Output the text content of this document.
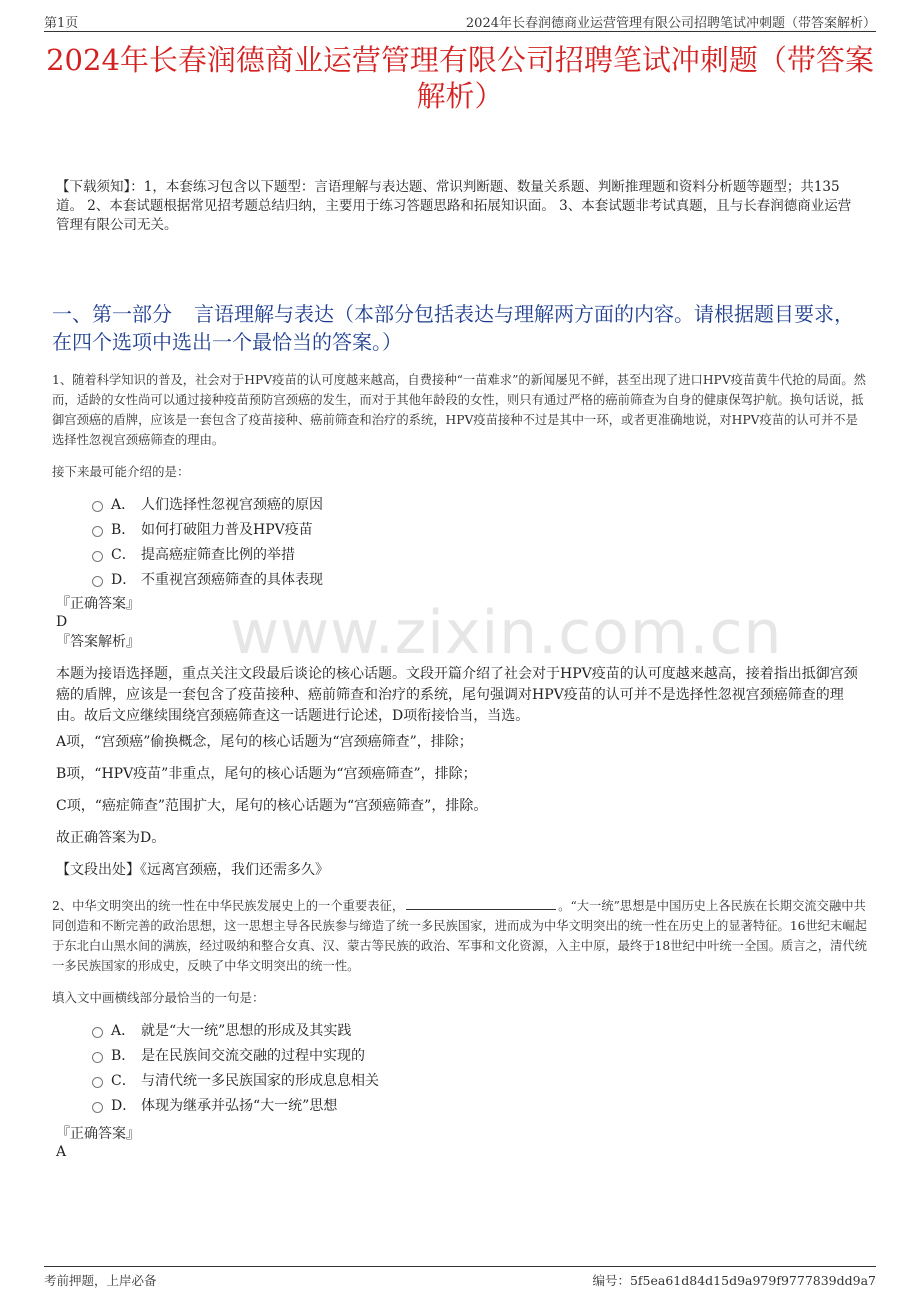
第1页	2024年长春润德商业运营管理有限公司招聘笔试冲刺题（带答案解析）
2024年长春润德商业运营管理有限公司招聘笔试冲刺题（带答案解析）
【下载须知】：1，本套练习包含以下题型：言语理解与表达题、常识判断题、数量关系题、判断推理题和资料分析题等题型；共135道。 2、本套试题根据常见招考题总结归纳，主要用于练习答题思路和拓展知识面。 3、本套试题非考试真题，且与长春润德商业运营管理有限公司无关。
一、第一部分 言语理解与表达（本部分包括表达与理解两方面的内容。请根据题目要求，在四个选项中选出一个最恰当的答案。）
www.zixin.com.cn
1、随着科学知识的普及，社会对于HPV疫苗的认可度越来越高，自费接种“一苗难求”的新闻屡见不鲜，甚至出现了进口HPV疫苗黄牛代抢的局面。然而，适龄的女性尚可以通过接种疫苗预防宫颈癌的发生，而对于其他年龄段的女性，则只有通过严格的癌前筛查为自身的健康保驾护航。换句话说，抵御宫颈癌的盾牌，应该是一套包含了疫苗接种、癌前筛查和治疗的系统，HPV疫苗接种不过是其中一环，或者更准确地说，对HPV疫苗的认可并不是选择性忽视宫颈癌筛查的理由。
接下来最可能介绍的是：
A． 人们选择性忽视宫颈癌的原因
B． 如何打破阻力普及HPV疫苗
C． 提高癌症筛查比例的举措
D． 不重视宫颈癌筛查的具体表现
『正确答案』
D
『答案解析』
本题为接语选择题，重点关注文段最后谈论的核心话题。文段开篇介绍了社会对于HPV疫苗的认可度越来越高，接着指出抵御宫颈癌的盾牌，应该是一套包含了疫苗接种、癌前筛查和治疗的系统，尾句强调对HPV疫苗的认可并不是选择性忽视宫颈癌筛查的理由。故后文应继续围绕宫颈癌筛查这一话题进行论述，D项衔接恰当，当选。
A项，“宫颈癌”偷换概念，尾句的核心话题为“宫颈癌筛查”，排除；
B项，“HPV疫苗”非重点，尾句的核心话题为“宫颈癌筛查”，排除；
C项，“癌症筛查”范围扩大，尾句的核心话题为“宫颈癌筛查”，排除。
故正确答案为D。
【文段出处】《远离宫颈癌，我们还需多久》
2、中华文明突出的统一性在中华民族发展史上的一个重要表征，	。“大一统”思想是中国历史上各民族在长期交流交融中共同创造和不断完善的政治思想，这一思想主导各民族参与缔造了统一多民族国家，进而成为中华文明突出的统一性在历史上的显著特征。16世纪末崛起于东北白山黑水间的满族，经过吸纳和整合女真、汉、蒙古等民族的政治、军事和文化资源，入主中原，最终于18世纪中叶统一全国。质言之，清代统一多民族国家的形成史，反映了中华文明突出的统一性。
填入文中画横线部分最恰当的一句是：
A． 就是“大一统”思想的形成及其实践
B． 是在民族间交流交融的过程中实现的
C． 与清代统一多民族国家的形成息息相关
D． 体现为继承并弘扬“大一统”思想
『正确答案』
A
考前押题，上岸必备	编号：5f5ea61d84d15d9a979f9777839dd9a7
